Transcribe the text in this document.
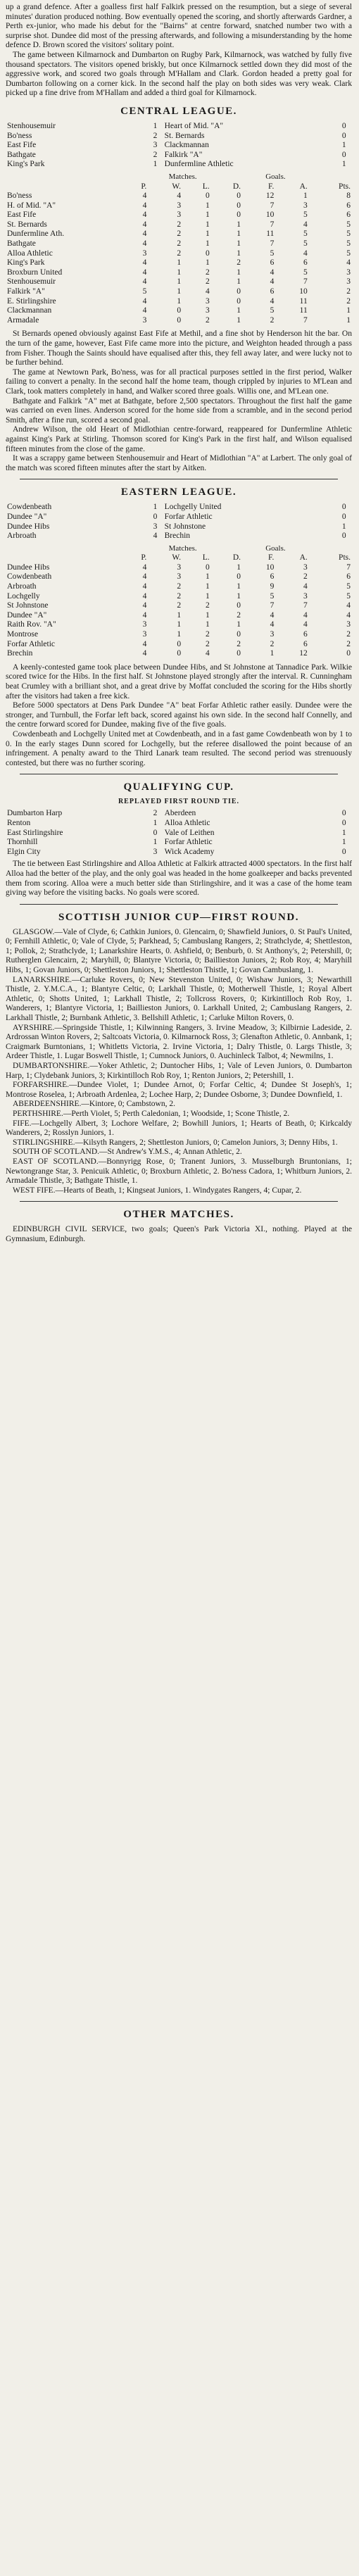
up a grand defence. After a goalless first half Falkirk pressed on the resumption, but a siege of several minutes' duration produced nothing. Bow eventually opened the scoring, and shortly afterwards Gardner, a Perth ex-junior, who made his debut for the "Bairns" at centre forward, snatched number two with a surprise shot. Dundee did most of the pressing afterwards, and following a misunderstanding by the home defence D. Brown scored the visitors' solitary point.

The game between Kilmarnock and Dumbarton on Rugby Park, Kilmarnock, was watched by fully five thousand spectators. The visitors opened briskly, but once Kilmarnock settled down they did most of the aggressive work, and scored two goals through M'Hallam and Clark. Gordon headed a pretty goal for Dumbarton following on a corner kick. In the second half the play on both sides was very weak. Clark picked up a fine drive from M'Hallam and added a third goal for Kilmarnock.

CENTRAL LEAGUE.
Stenhousemuir	1	Heart of Mid. "A"	0
Bo'ness	2	St. Bernards	0
East Fife	3	Clackmannan	1
Bathgate	2	Falkirk "A"	0
King's Park	1	Dunfermline Athletic	1
	Matches.				Goals.		
	P.	W.	L.	D.	F.	A.	Pts.
Bo'ness	4	4	0	0	12	1	8
H. of Mid. "A"	4	3	1	0	7	3	6
East Fife	4	3	1	0	10	5	6
St. Bernards	4	2	1	1	7	4	5
Dunfermline Ath.	4	2	1	1	11	5	5
Bathgate	4	2	1	1	7	5	5
Alloa Athletic	3	2	0	1	5	4	5
King's Park	4	1	1	2	6	6	4
Broxburn United	4	1	2	1	4	5	3
Stenhousemuir	4	1	2	1	4	7	3
Falkirk "A"	5	1	4	0	6	10	2
E. Stirlingshire	4	1	3	0	4	11	2
Clackmannan	4	0	3	1	5	11	1
Armadale	3	0	2	1	2	7	1

St Bernards opened obviously against East Fife at Methil, and a fine shot by Henderson hit the bar. On the turn of the game, however, East Fife came more into the picture, and Weighton headed through a pass from Fisher. Though the Saints should have equalised after this, they fell away later, and were lucky not to be further behind.

The game at Newtown Park, Bo'ness, was for all practical purposes settled in the first period, Walker failing to convert a penalty. In the second half the home team, though crippled by injuries to M'Lean and Clark, took matters completely in hand, and Walker scored three goals. Willis one, and M'Lean one.

Bathgate and Falkirk "A" met at Bathgate, before 2,500 spectators. Throughout the first half the game was carried on even lines. Anderson scored for the home side from a scramble, and in the second period Smith, after a fine run, scored a second goal.

Andrew Wilson, the old Heart of Midlothian centre-forward, reappeared for Dunfermline Athletic against King's Park at Stirling. Thomson scored for King's Park in the first half, and Wilson equalised fifteen minutes from the close of the game.

It was a scrappy game between Stenhousemuir and Heart of Midlothian "A" at Larbert. The only goal of the match was scored fifteen minutes after the start by Aitken.

EASTERN LEAGUE.
Cowdenbeath	1	Lochgelly United	0
Dundee "A"	0	Forfar Athletic	0
Dundee Hibs	3	St Johnstone	1
Arbroath	4	Brechin	0
	Matches.				Goals.		
	P.	W.	L.	D.	F.	A.	Pts.
Dundee Hibs	4	3	0	1	10	3	7
Cowdenbeath	4	3	1	0	6	2	6
Arbroath	4	2	1	1	9	4	5
Lochgelly	4	2	1	1	5	3	5
St Johnstone	4	2	2	0	7	7	4
Dundee "A"	4	1	1	2	4	4	4
Raith Rov. "A"	3	1	1	1	4	4	3
Montrose	3	1	2	0	3	6	2
Forfar Athletic	4	0	2	2	2	6	2
Brechin	4	0	4	0	1	12	0

A keenly-contested game took place between Dundee Hibs, and St Johnstone at Tannadice Park. Wilkie scored twice for the Hibs. In the first half. St Johnstone played strongly after the interval. R. Cunningham beat Crumley with a brilliant shot, and a great drive by Moffat concluded the scoring for the Hibs shortly after the visitors had taken a free kick.

Before 5000 spectators at Dens Park Dundee "A" beat Forfar Athletic rather easily. Dundee were the stronger, and Turnbull, the Forfar left back, scored against his own side. In the second half Connelly, and the centre forward scored for Dundee, making five of the five goals.

Cowdenbeath and Lochgelly United met at Cowdenbeath, and in a fast game Cowdenbeath won by 1 to 0. In the early stages Dunn scored for Lochgelly, but the referee disallowed the point because of an infringement. A penalty award to the Third Lanark team resulted. The second period was strenuously contested, but there was no further scoring.

QUALIFYING CUP.
REPLAYED FIRST ROUND TIE.
Dumbarton Harp	2	Aberdeen	0
Renton	1	Alloa Athletic	0
East Stirlingshire	0	Vale of Leithen	1
Thornhill	1	Forfar Athletic	1
Elgin City	3	Wick Academy	0

The tie between East Stirlingshire and Alloa Athletic at Falkirk attracted 4000 spectators. In the first half Alloa had the better of the play, and the only goal was headed in the home goalkeeper and backs prevented them from scoring. Alloa were a much better side than Stirlingshire, and it was a case of the home team giving way before the visiting backs. No goals were scored.

SCOTTISH JUNIOR CUP—FIRST ROUND.

GLASGOW.—Vale of Clyde, 6; Cathkin Juniors, 0. Glencairn, 0; Shawfield Juniors, 0. St Paul's United, 0; Fernhill Athletic, 0; Vale of Clyde, 5; Parkhead, 5; Cambuslang Rangers, 2; Strathclyde, 4; Shettleston, 1; Pollok, 2; Strathclyde, 1; Lanarkshire Hearts, 0. Ashfield, 0; Benburb, 0. St Anthony's, 2; Petershill, 0; Rutherglen Glencairn, 2; Maryhill, 0; Blantyre Victoria, 0; Baillieston Juniors, 2; Rob Roy, 4; Maryhill Hibs, 1; Govan Juniors, 0; Shettleston Juniors, 1; Shettleston Thistle, 1; Govan Cambuslang, 1.

LANARKSHIRE.—Carluke Rovers, 0; New Stevenston United, 0; Wishaw Juniors, 3; Newarthill Thistle, 2. Y.M.C.A., 1; Blantyre Celtic, 0; Larkhall Thistle, 0; Motherwell Thistle, 1; Royal Albert Athletic, 0; Shotts United, 1; Larkhall Thistle, 2; Tollcross Rovers, 0; Kirkintilloch Rob Roy, 1. Wanderers, 1; Blantyre Victoria, 1; Baillieston Juniors, 0. Larkhall United, 2; Cambuslang Rangers, 2. Larkhall Thistle, 2; Burnbank Athletic, 3. Bellshill Athletic, 1; Carluke Milton Rovers, 0.

AYRSHIRE.—Springside Thistle, 1; Kilwinning Rangers, 3. Irvine Meadow, 3; Kilbirnie Ladeside, 2. Ardrossan Winton Rovers, 2; Saltcoats Victoria, 0. Kilmarnock Ross, 3; Glenafton Athletic, 0. Annbank, 1; Craigmark Burntonians, 1; Whitletts Victoria, 2. Irvine Victoria, 1; Dalry Thistle, 0. Largs Thistle, 3; Ardeer Thistle, 1. Lugar Boswell Thistle, 1; Cumnock Juniors, 0. Auchinleck Talbot, 4; Newmilns, 1.

DUMBARTONSHIRE.—Yoker Athletic, 2; Duntocher Hibs, 1; Vale of Leven Juniors, 0. Dumbarton Harp, 1; Clydebank Juniors, 3; Kirkintilloch Rob Roy, 1; Renton Juniors, 2; Petershill, 1.

FORFARSHIRE.—Dundee Violet, 1; Dundee Arnot, 0; Forfar Celtic, 4; Dundee St Joseph's, 1; Montrose Roselea, 1; Arbroath Ardenlea, 2; Lochee Harp, 2; Dundee Osborne, 3; Dundee Downfield, 1.

ABERDEENSHIRE.—Kintore, 0; Cambstown, 2.

PERTHSHIRE.—Perth Violet, 5; Perth Caledonian, 1; Woodside, 1; Scone Thistle, 2.

FIFE.—Lochgelly Albert, 3; Lochore Welfare, 2; Bowhill Juniors, 1; Hearts of Beath, 0; Kirkcaldy Wanderers, 2; Rosslyn Juniors, 1.

STIRLINGSHIRE.—Kilsyth Rangers, 2; Shettleston Juniors, 0; Camelon Juniors, 3; Denny Hibs, 1.

SOUTH OF SCOTLAND.—St Andrew's Y.M.S., 4; Annan Athletic, 2.

EAST OF SCOTLAND.—Bonnyrigg Rose, 0; Tranent Juniors, 3. Musselburgh Bruntonians, 1; Newtongrange Star, 3. Penicuik Athletic, 0; Broxburn Athletic, 2. Bo'ness Cadora, 1; Whitburn Juniors, 2. Armadale Thistle, 3; Bathgate Thistle, 1.

WEST FIFE.—Hearts of Beath, 1; Kingseat Juniors, 1. Windygates Rangers, 4; Cupar, 2.

OTHER MATCHES.

EDINBURGH CIVIL SERVICE, two goals; Queen's Park Victoria XI., nothing. Played at the Gymnasium, Edinburgh.
